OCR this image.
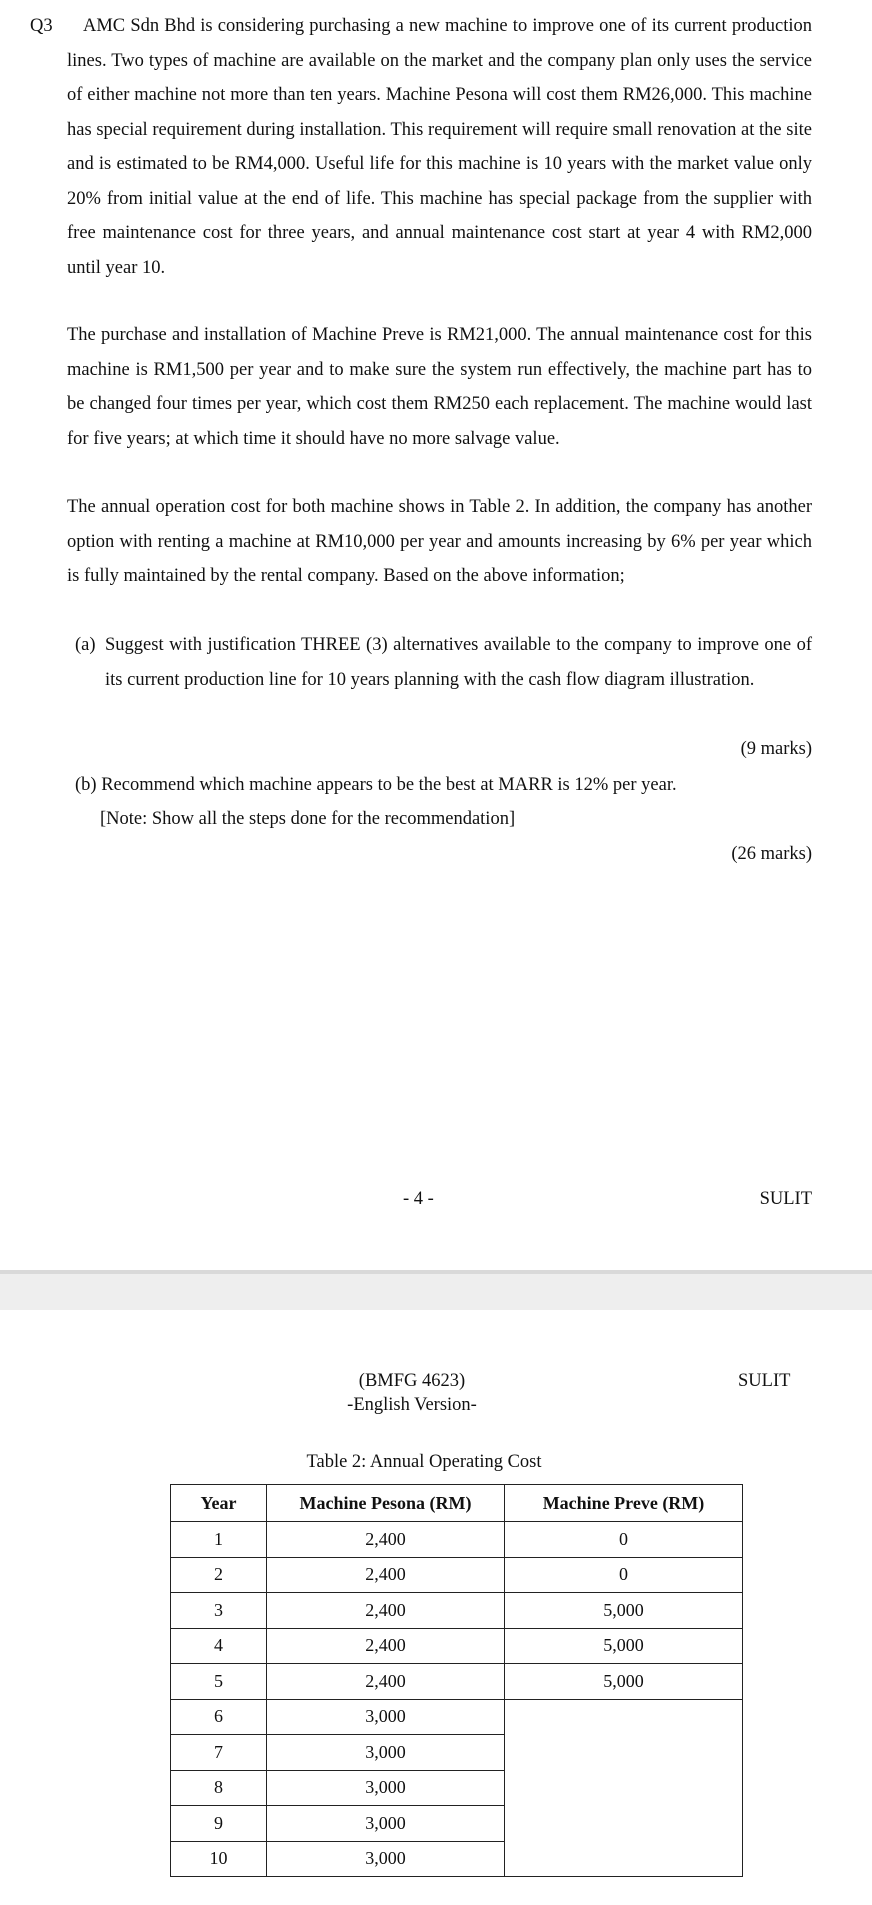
Q3	AMC Sdn Bhd is considering purchasing a new machine to improve one of its current production lines. Two types of machine are available on the market and the company plan only uses the service of either machine not more than ten years. Machine Pesona will cost them RM26,000. This machine has special requirement during installation. This requirement will require small renovation at the site and is estimated to be RM4,000. Useful life for this machine is 10 years with the market value only 20% from initial value at the end of life. This machine has special package from the supplier with free maintenance cost for three years, and annual maintenance cost start at year 4 with RM2,000 until year 10.
The purchase and installation of Machine Preve is RM21,000. The annual maintenance cost for this machine is RM1,500 per year and to make sure the system run effectively, the machine part has to be changed four times per year, which cost them RM250 each replacement. The machine would last for five years; at which time it should have no more salvage value.
The annual operation cost for both machine shows in Table 2. In addition, the company has another option with renting a machine at RM10,000 per year and amounts increasing by 6% per year which is fully maintained by the rental company. Based on the above information;
(a) Suggest with justification THREE (3) alternatives available to the company to improve one of its current production line for 10 years planning with the cash flow diagram illustration.
(9 marks)
(b) Recommend which machine appears to be the best at MARR is 12% per year.
[Note: Show all the steps done for the recommendation]
(26 marks)
- 4 -	SULIT
(BMFG 4623)
-English Version-
SULIT
Table 2: Annual Operating Cost
Year	Machine Pesona (RM)	Machine Preve (RM)
1	2,400	0
2	2,400	0
3	2,400	5,000
4	2,400	5,000
5	2,400	5,000
6	3,000	
7	3,000	
8	3,000	
9	3,000	
10	3,000	
